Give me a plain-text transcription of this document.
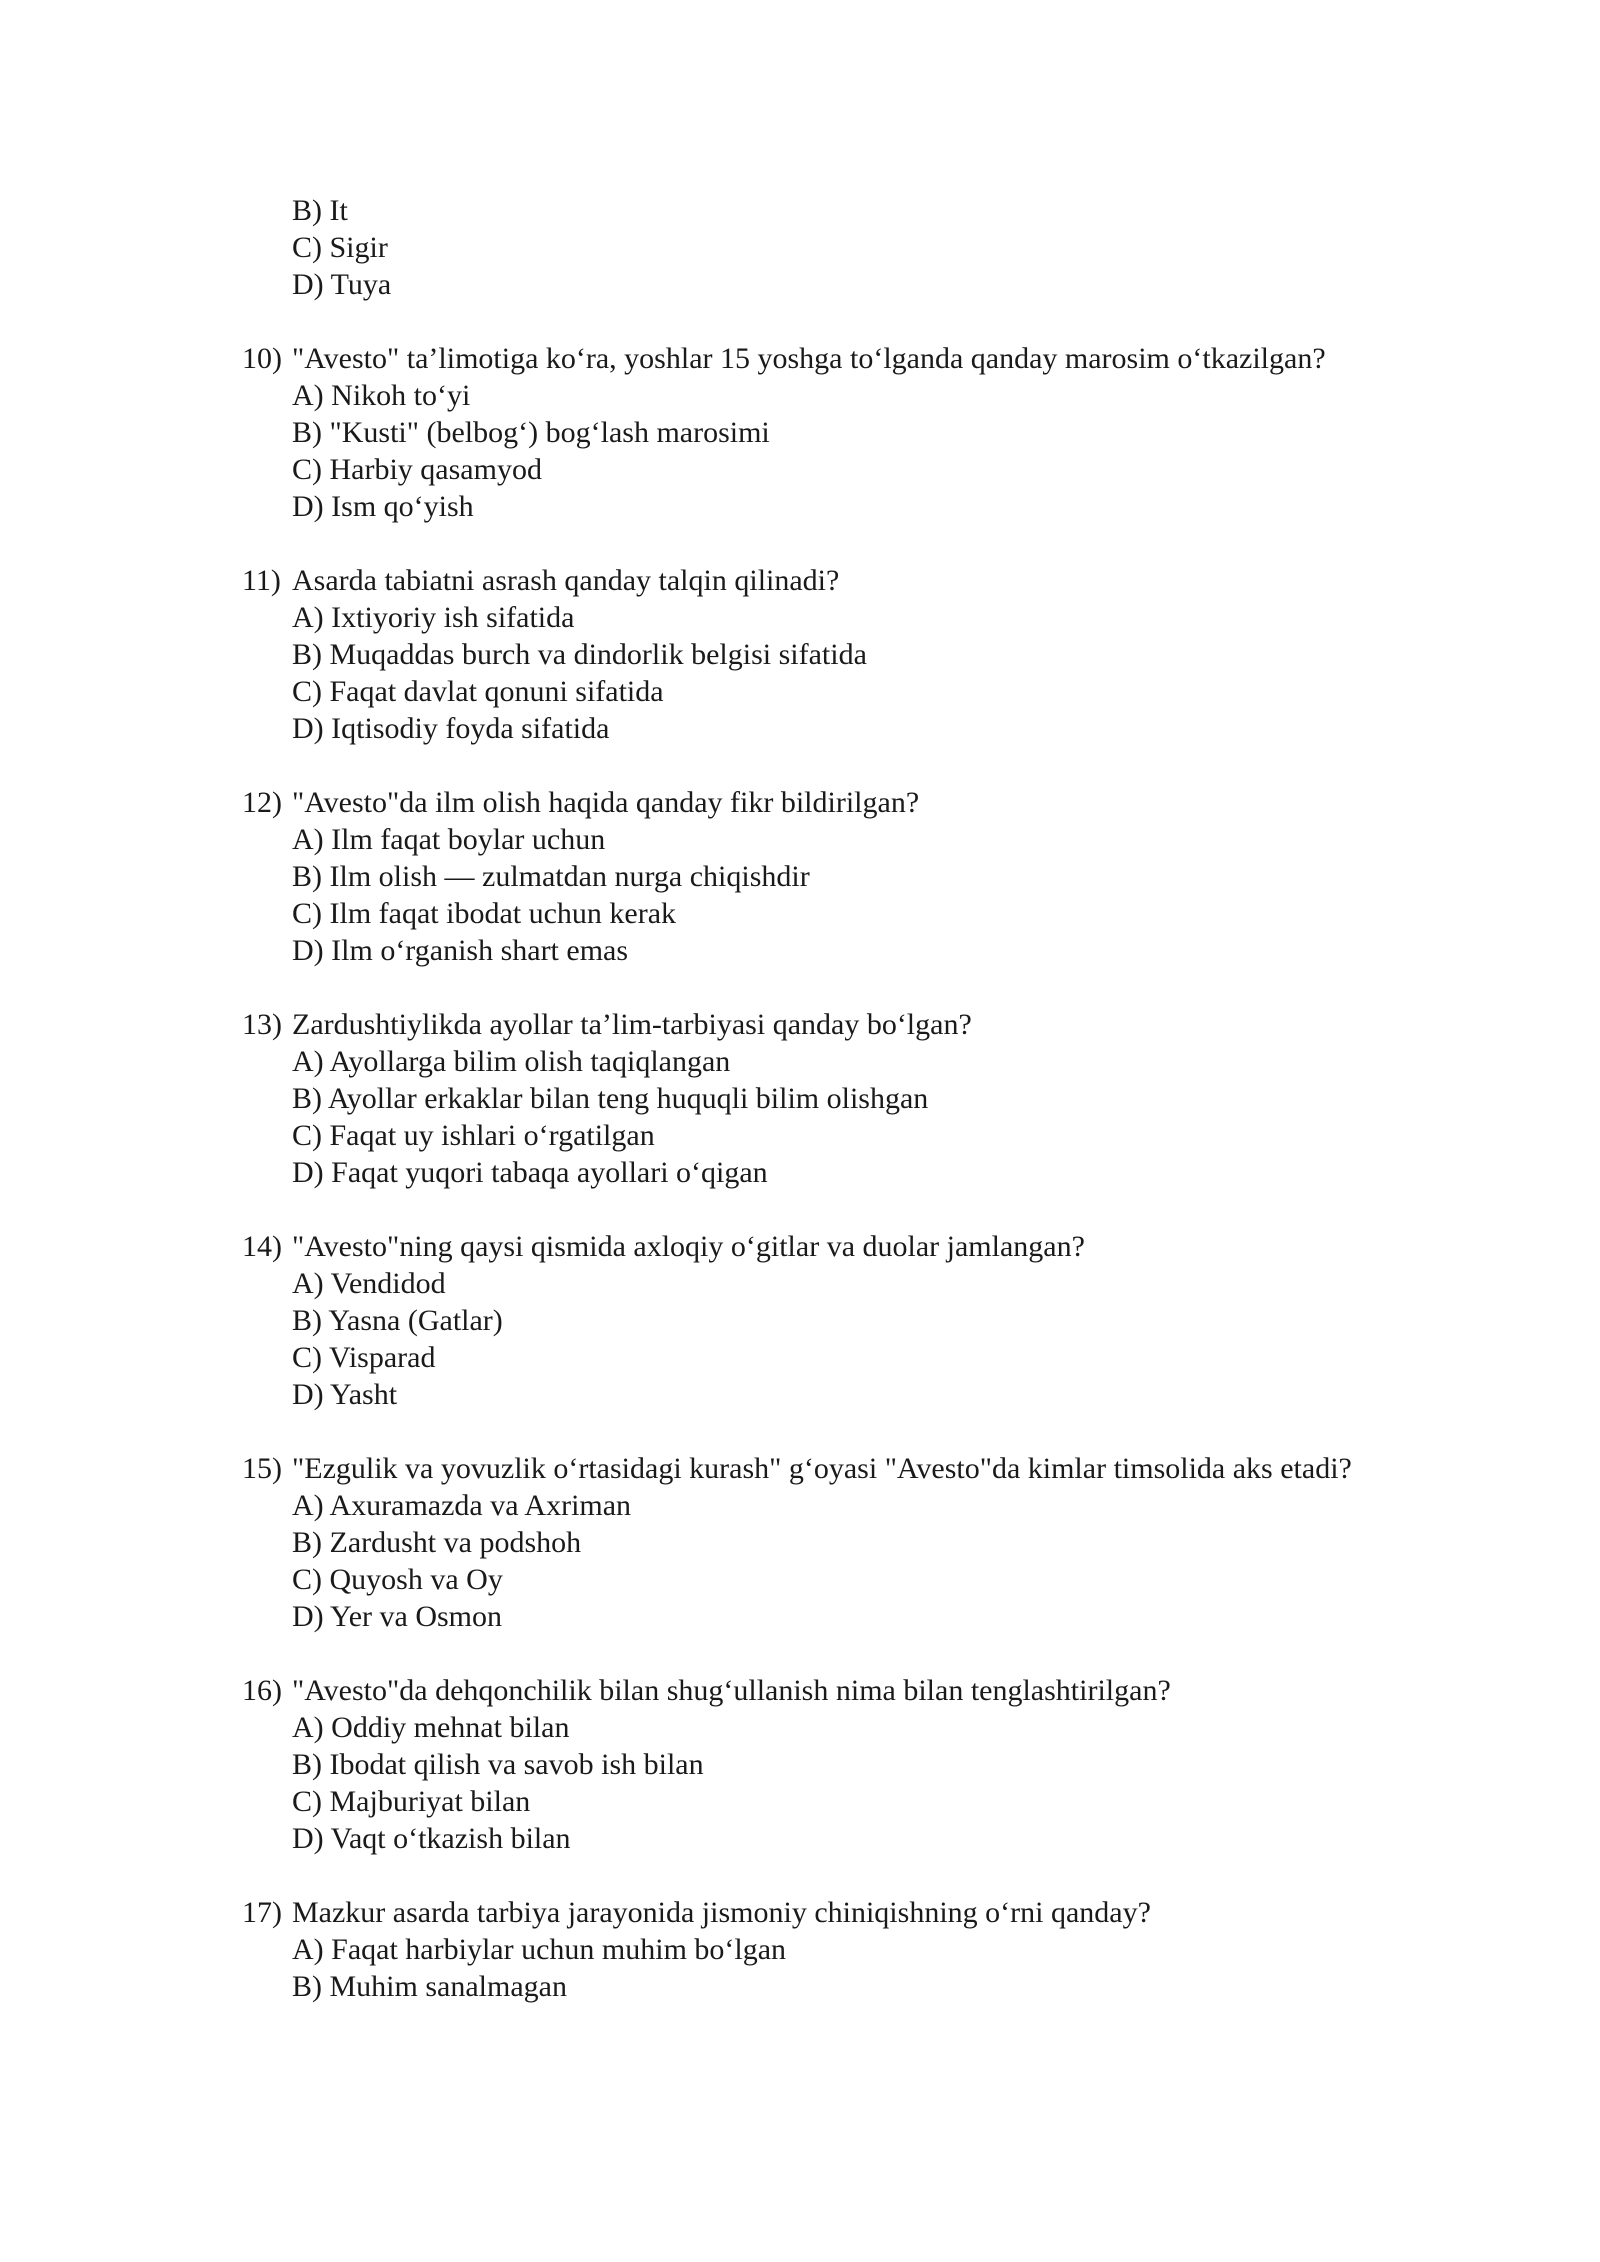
B) It
C) Sigir
D) Tuya
10) "Avesto" ta’limotiga ko‘ra, yoshlar 15 yoshga to‘lganda qanday marosim o‘tkazilgan?
A) Nikoh to‘yi
B) "Kusti" (belbog‘) bog‘lash marosimi
C) Harbiy qasamyod
D) Ism qo‘yish
11) Asarda tabiatni asrash qanday talqin qilinadi?
A) Ixtiyoriy ish sifatida
B) Muqaddas burch va dindorlik belgisi sifatida
C) Faqat davlat qonuni sifatida
D) Iqtisodiy foyda sifatida
12) "Avesto"da ilm olish haqida qanday fikr bildirilgan?
A) Ilm faqat boylar uchun
B) Ilm olish — zulmatdan nurga chiqishdir
C) Ilm faqat ibodat uchun kerak
D) Ilm o‘rganish shart emas
13) Zardushtiylikda ayollar ta’lim-tarbiyasi qanday bo‘lgan?
A) Ayollarga bilim olish taqiqlangan
B) Ayollar erkaklar bilan teng huquqli bilim olishgan
C) Faqat uy ishlari o‘rgatilgan
D) Faqat yuqori tabaqa ayollari o‘qigan
14) "Avesto"ning qaysi qismida axloqiy o‘gitlar va duolar jamlangan?
A) Vendidod
B) Yasna (Gatlar)
C) Visparad
D) Yasht
15) "Ezgulik va yovuzlik o‘rtasidagi kurash" g‘oyasi "Avesto"da kimlar timsolida aks etadi?
A) Axuramazda va Axriman
B) Zardusht va podshoh
C) Quyosh va Oy
D) Yer va Osmon
16) "Avesto"da dehqonchilik bilan shug‘ullanish nima bilan tenglashtirilgan?
A) Oddiy mehnat bilan
B) Ibodat qilish va savob ish bilan
C) Majburiyat bilan
D) Vaqt o‘tkazish bilan
17) Mazkur asarda tarbiya jarayonida jismoniy chiniqishning o‘rni qanday?
A) Faqat harbiylar uchun muhim bo‘lgan
B) Muhim sanalmagan
